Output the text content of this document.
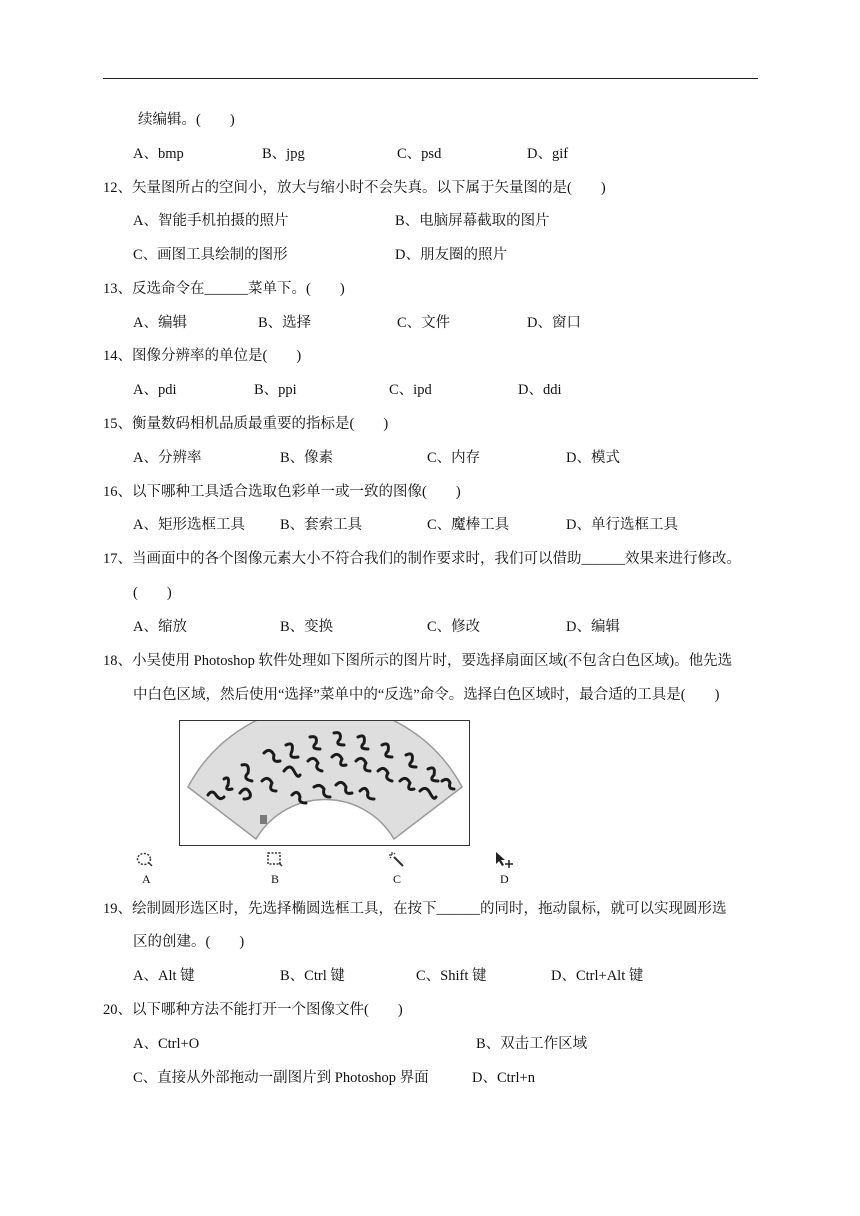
续编辑。(　　)
A、bmp	B、jpg	C、psd	D、gif
12、矢量图所占的空间小，放大与缩小时不会失真。以下属于矢量图的是(　　)
A、智能手机拍摄的照片	B、电脑屏幕截取的图片
C、画图工具绘制的图形	D、朋友圈的照片
13、反选命令在______菜单下。(　　)
A、编辑	B、选择	C、文件	D、窗口
14、图像分辨率的单位是(　　)
A、pdi	B、ppi	C、ipd	D、ddi
15、衡量数码相机品质最重要的指标是(　　)
A、分辨率	B、像素	C、内存	D、模式
16、以下哪种工具适合选取色彩单一或一致的图像(　　)
A、矩形选框工具 B、套索工具	C、魔棒工具	D、单行选框工具
17、当画面中的各个图像元素大小不符合我们的制作要求时，我们可以借助______效果来进行修改。
(　　)
A、缩放	B、变换	C、修改	D、编辑
18、小吴使用 Photoshop 软件处理如下图所示的图片时，要选择扇面区域(不包含白色区域)。他先选
中白色区域，然后使用“选择”菜单中的“反选”命令。选择白色区域时，最合适的工具是(　　)
A	B	C	D
19、绘制圆形选区时，先选择椭圆选框工具，在按下______的同时，拖动鼠标，就可以实现圆形选
区的创建。(　　)
A、Alt 键	B、Ctrl 键	C、Shift 键	D、Ctrl+Alt 键
20、以下哪种方法不能打开一个图像文件(　　)
A、Ctrl+O	B、双击工作区域
C、直接从外部拖动一副图片到 Photoshop 界面	D、Ctrl+n
